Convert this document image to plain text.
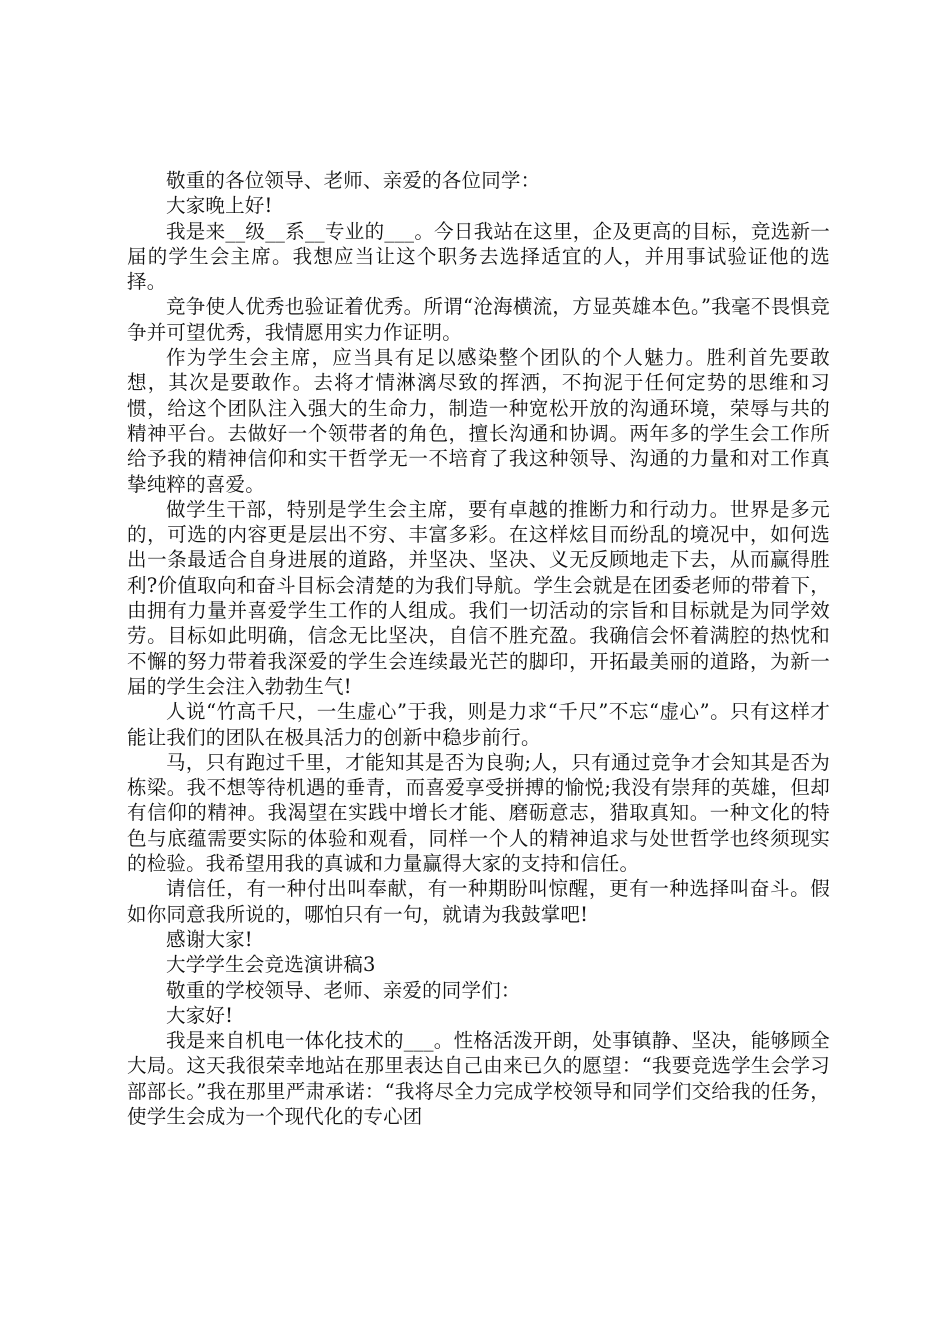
敬重的各位领导、老师、亲爱的各位同学：

大家晚上好!

我是来__级__系__专业的___。今日我站在这里，企及更高的目标，竞选新一届的学生会主席。我想应当让这个职务去选择适宜的人，并用事试验证他的选择。

竞争使人优秀也验证着优秀。所谓“沧海横流，方显英雄本色。”我毫不畏惧竞争并可望优秀，我情愿用实力作证明。

作为学生会主席，应当具有足以感染整个团队的个人魅力。胜利首先要敢想，其次是要敢作。去将才情淋漓尽致的挥洒，不拘泥于任何定势的思维和习惯，给这个团队注入强大的生命力，制造一种宽松开放的沟通环境，荣辱与共的精神平台。去做好一个领带者的角色，擅长沟通和协调。两年多的学生会工作所给予我的精神信仰和实干哲学无一不培育了我这种领导、沟通的力量和对工作真挚纯粹的喜爱。

做学生干部，特别是学生会主席，要有卓越的推断力和行动力。世界是多元的，可选的内容更是层出不穷、丰富多彩。在这样炫目而纷乱的境况中，如何选出一条最适合自身进展的道路，并坚决、坚决、义无反顾地走下去，从而赢得胜利?价值取向和奋斗目标会清楚的为我们导航。学生会就是在团委老师的带着下，由拥有力量并喜爱学生工作的人组成。我们一切活动的宗旨和目标就是为同学效劳。目标如此明确，信念无比坚决，自信不胜充盈。我确信会怀着满腔的热忱和不懈的努力带着我深爱的学生会连续最光芒的脚印，开拓最美丽的道路，为新一届的学生会注入勃勃生气!

人说“竹高千尺，一生虚心”于我，则是力求“千尺”不忘“虚心”。只有这样才能让我们的团队在极具活力的创新中稳步前行。

马，只有跑过千里，才能知其是否为良驹;人，只有通过竞争才会知其是否为栋梁。我不想等待机遇的垂青，而喜爱享受拼搏的愉悦;我没有崇拜的英雄，但却有信仰的精神。我渴望在实践中增长才能、磨砺意志，猎取真知。一种文化的特色与底蕴需要实际的体验和观看，同样一个人的精神追求与处世哲学也终须现实的检验。我希望用我的真诚和力量赢得大家的支持和信任。

请信任，有一种付出叫奉献，有一种期盼叫惊醒，更有一种选择叫奋斗。假如你同意我所说的，哪怕只有一句，就请为我鼓掌吧!

感谢大家!

大学学生会竞选演讲稿3

敬重的学校领导、老师、亲爱的同学们：

大家好!

我是来自机电一体化技术的___。性格活泼开朗，处事镇静、坚决，能够顾全大局。这天我很荣幸地站在那里表达自己由来已久的愿望：“我要竞选学生会学习部部长。”我在那里严肃承诺：“我将尽全力完成学校领导和同学们交给我的任务，使学生会成为一个现代化的专心团
